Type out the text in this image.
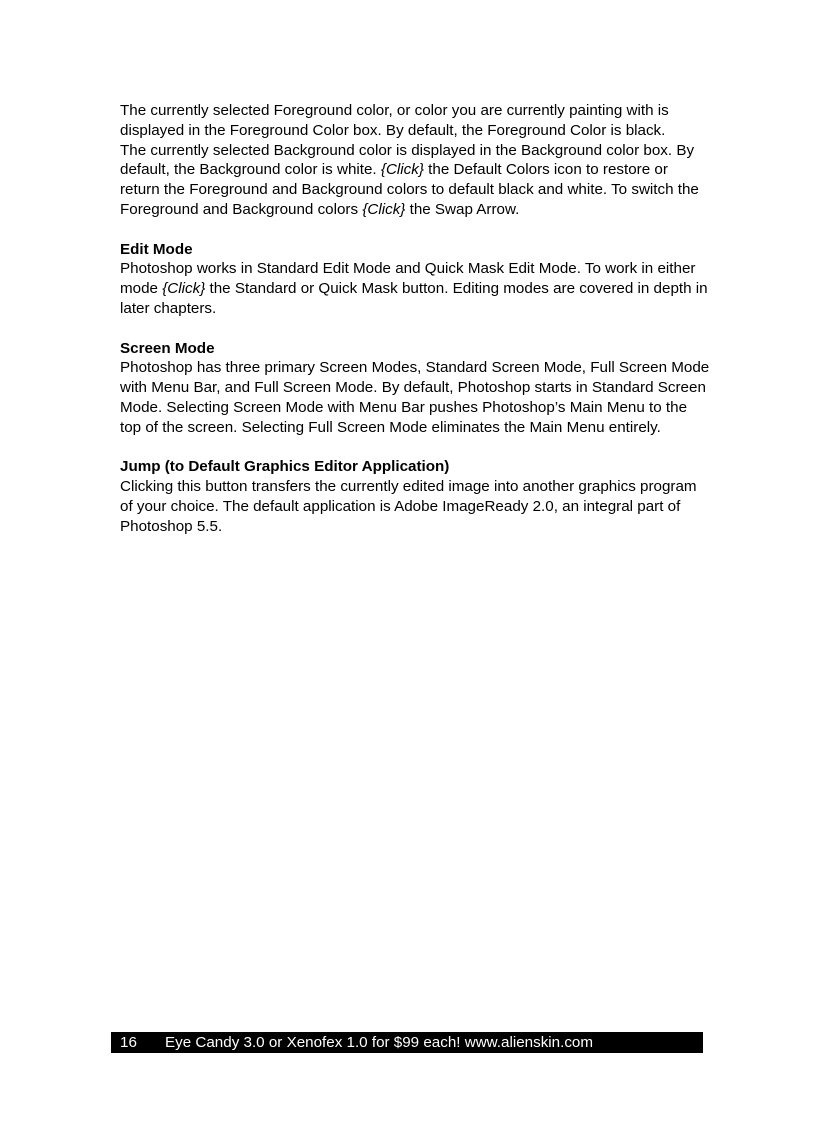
The currently selected Foreground color, or color you are currently painting with is displayed in the Foreground Color box. By default, the Foreground Color is black.

The currently selected Background color is displayed in the Background color box. By default, the Background color is white. {Click} the Default Colors icon to restore or return the Foreground and Background colors to default black and white. To switch the Foreground and Background colors {Click} the Swap Arrow.

Edit Mode

Photoshop works in Standard Edit Mode and Quick Mask Edit Mode. To work in either mode {Click} the Standard or Quick Mask button. Editing modes are covered in depth in later chapters.

Screen Mode

Photoshop has three primary Screen Modes, Standard Screen Mode, Full Screen Mode with Menu Bar, and Full Screen Mode. By default, Photoshop starts in Standard Screen Mode. Selecting Screen Mode with Menu Bar pushes Photoshop’s Main Menu to the top of the screen. Selecting Full Screen Mode eliminates the Main Menu entirely.

Jump (to Default Graphics Editor Application)

Clicking this button transfers the currently edited image into another graphics program of your choice. The default application is Adobe ImageReady 2.0, an integral part of Photoshop 5.5.

16 Eye Candy 3.0 or Xenofex 1.0 for $99 each! www.alienskin.com
